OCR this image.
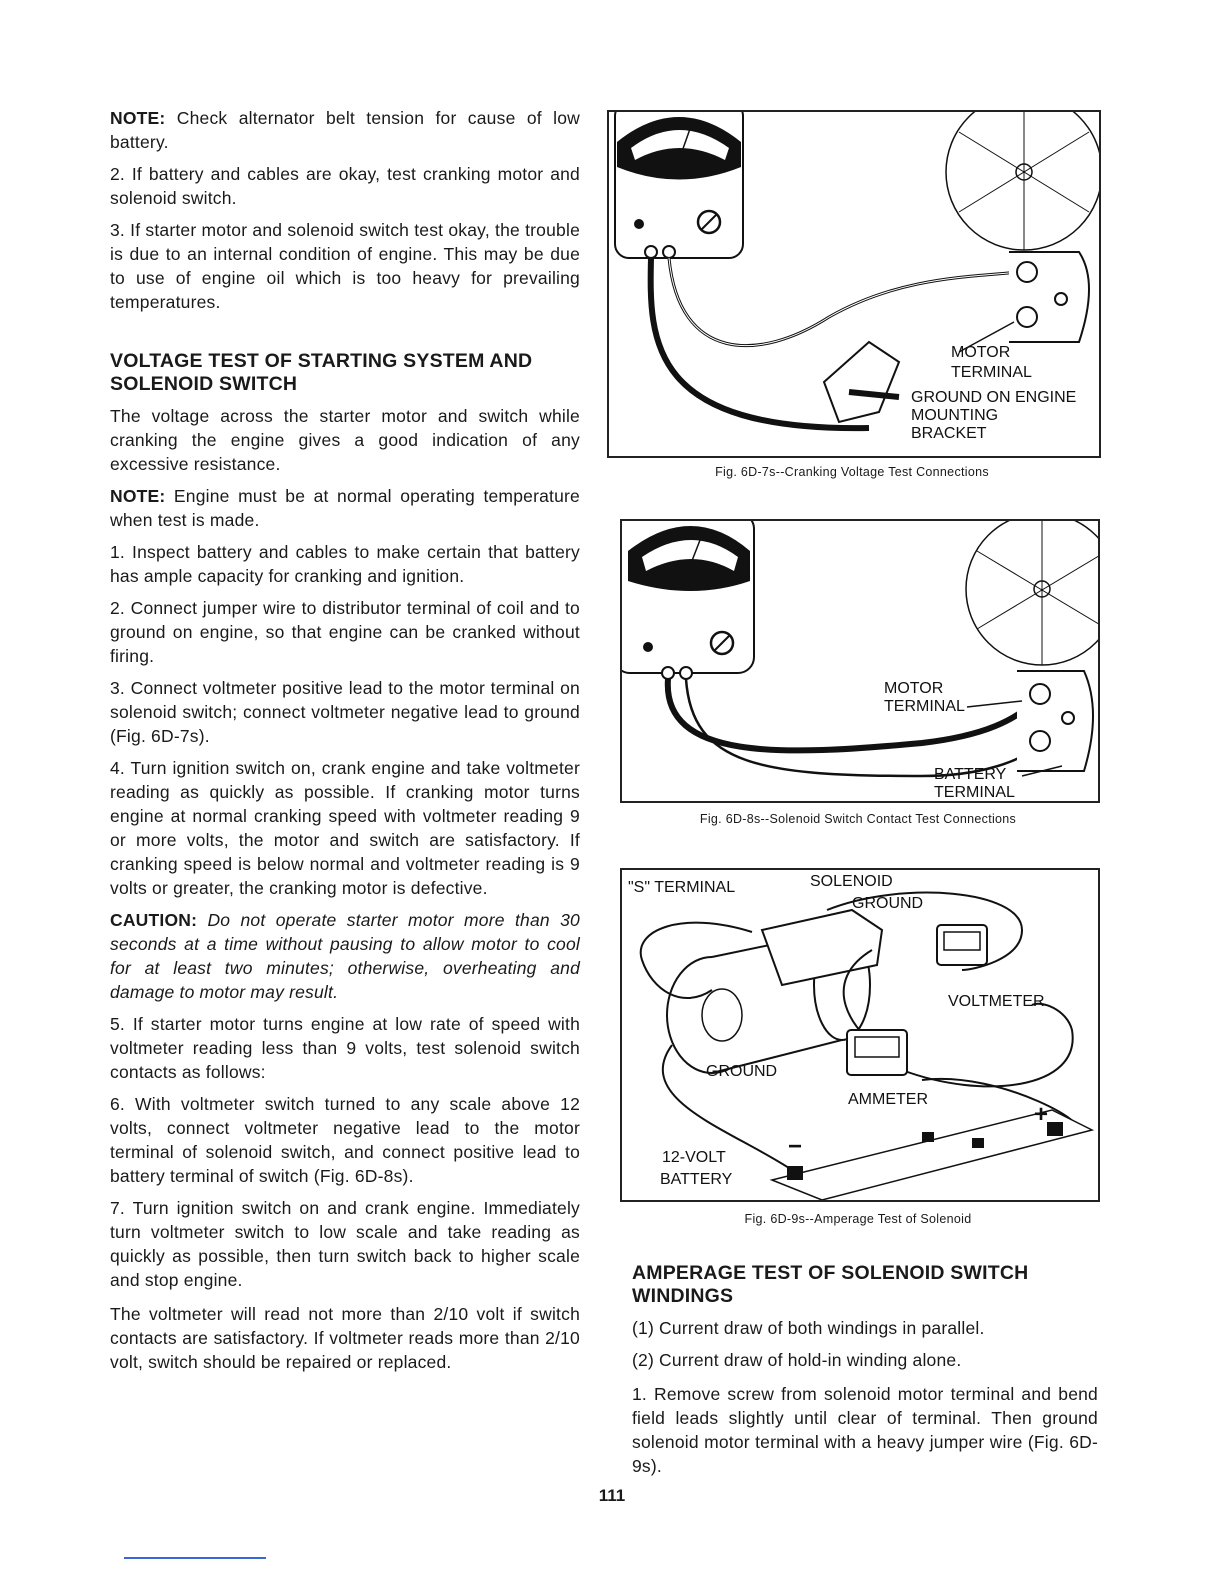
NOTE: Check alternator belt tension for cause of low battery.

2. If battery and cables are okay, test cranking motor and solenoid switch.

3. If starter motor and solenoid switch test okay, the trouble is due to an internal condition of engine. This may be due to use of engine oil which is too heavy for prevailing temperatures.

VOLTAGE TEST OF STARTING SYSTEM AND SOLENOID SWITCH

The voltage across the starter motor and switch while cranking the engine gives a good indication of any excessive resistance.

NOTE: Engine must be at normal operating temperature when test is made.

1. Inspect battery and cables to make certain that battery has ample capacity for cranking and ignition.

2. Connect jumper wire to distributor terminal of coil and to ground on engine, so that engine can be cranked without firing.

3. Connect voltmeter positive lead to the motor terminal on solenoid switch; connect voltmeter negative lead to ground (Fig. 6D-7s).

4. Turn ignition switch on, crank engine and take voltmeter reading as quickly as possible. If cranking motor turns engine at normal cranking speed with voltmeter reading 9 or more volts, the motor and switch are satisfactory. If cranking speed is below normal and voltmeter reading is 9 volts or greater, the cranking motor is defective.

CAUTION: Do not operate starter motor more than 30 seconds at a time without pausing to allow motor to cool for at least two minutes; otherwise, overheating and damage to motor may result.

5. If starter motor turns engine at low rate of speed with voltmeter reading less than 9 volts, test solenoid switch contacts as follows:

6. With voltmeter switch turned to any scale above 12 volts, connect voltmeter negative lead to the motor terminal of solenoid switch, and connect positive lead to battery terminal of switch (Fig. 6D-8s).

7. Turn ignition switch on and crank engine. Immediately turn voltmeter switch to low scale and take reading as quickly as possible, then turn switch back to higher scale and stop engine.

The voltmeter will read not more than 2/10 volt if switch contacts are satisfactory. If voltmeter reads more than 2/10 volt, switch should be repaired or replaced.

MOTOR
TERMINAL
GROUND ON ENGINE
MOUNTING
BRACKET
Fig. 6D-7s--Cranking Voltage Test Connections
MOTOR
TERMINAL
BATTERY
TERMINAL
Fig. 6D-8s--Solenoid Switch Contact Test Connections
"S" TERMINAL	SOLENOID
GROUND
VOLTMETER
GROUND
AMMETER
+
−
12-VOLT
BATTERY
Fig. 6D-9s--Amperage Test of Solenoid
AMPERAGE TEST OF SOLENOID SWITCH WINDINGS

(1) Current draw of both windings in parallel.

(2) Current draw of hold-in winding alone.

1. Remove screw from solenoid motor terminal and bend field leads slightly until clear of terminal. Then ground solenoid motor terminal with a heavy jumper wire (Fig. 6D-9s).

111
